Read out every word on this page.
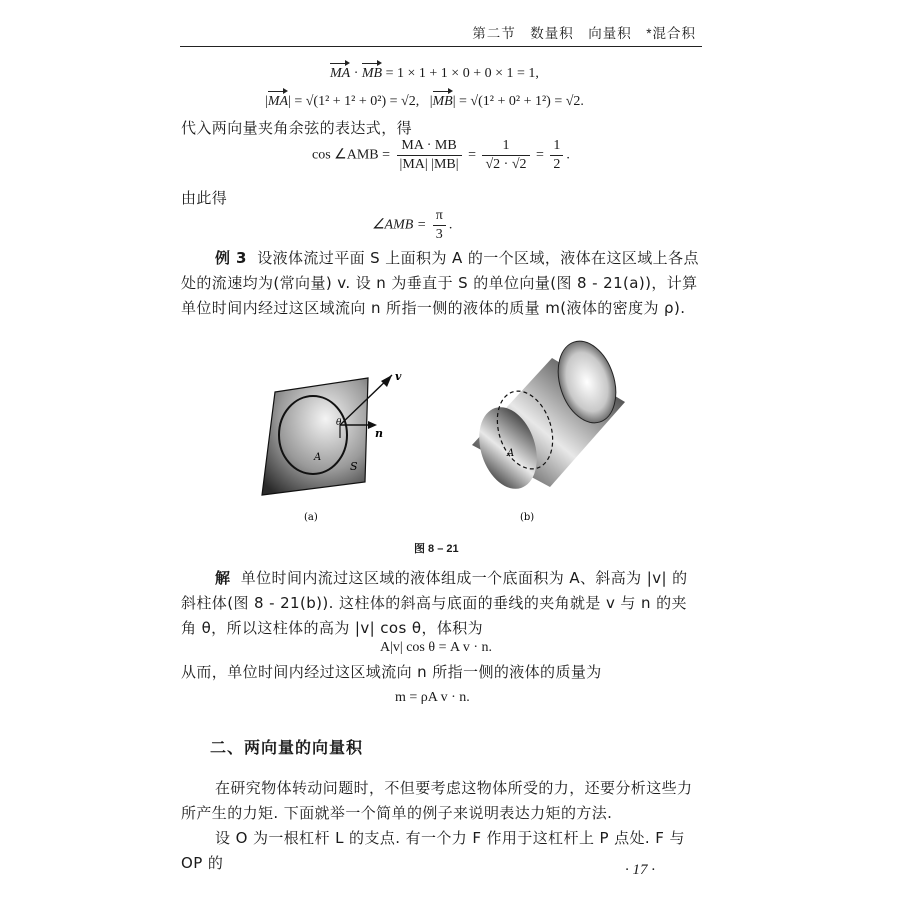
第二节　数量积　向量积　*混合积
MA · MB = 1 × 1 + 1 × 0 + 0 × 1 = 1,
|MA| = √(1² + 1² + 0²) = √2,   |MB| = √(1² + 0² + 1²) = √2.
代入两向量夹角余弦的表达式，得
cos ∠AMB = $\frac{MA \cdot MB}{|MA| |MB|} = \frac{1}{√2 \cdot √2} = \frac{1}{2}$ .
由此得
∠AMB = $\frac{\pi}{3}$ .
例 3 设液体流过平面 S 上面积为 A 的一个区域，液体在这区域上各点处的流速均为(常向量) v. 设 n 为垂直于 S 的单位向量(图 8 - 21(a))，计算单位时间内经过这区域流向 n 所指一侧的液体的质量 m(液体的密度为 ρ).
v
θ
n
A
S
A
(a)	(b)
图 8 – 21
解 单位时间内流过这区域的液体组成一个底面积为 A、斜高为 |v| 的斜柱体(图 8 - 21(b)). 这柱体的斜高与底面的垂线的夹角就是 v 与 n 的夹角 θ，所以这柱体的高为 |v| cos θ，体积为
A|v| cos θ = A v · n.
从而，单位时间内经过这区域流向 n 所指一侧的液体的质量为
m = ρA v · n.
二、两向量的向量积
在研究物体转动问题时，不但要考虑这物体所受的力，还要分析这些力所产生的力矩. 下面就举一个简单的例子来说明表达力矩的方法.
设 O 为一根杠杆 L 的支点. 有一个力 F 作用于这杠杆上 P 点处. F 与 OP 的	· 17 ·
